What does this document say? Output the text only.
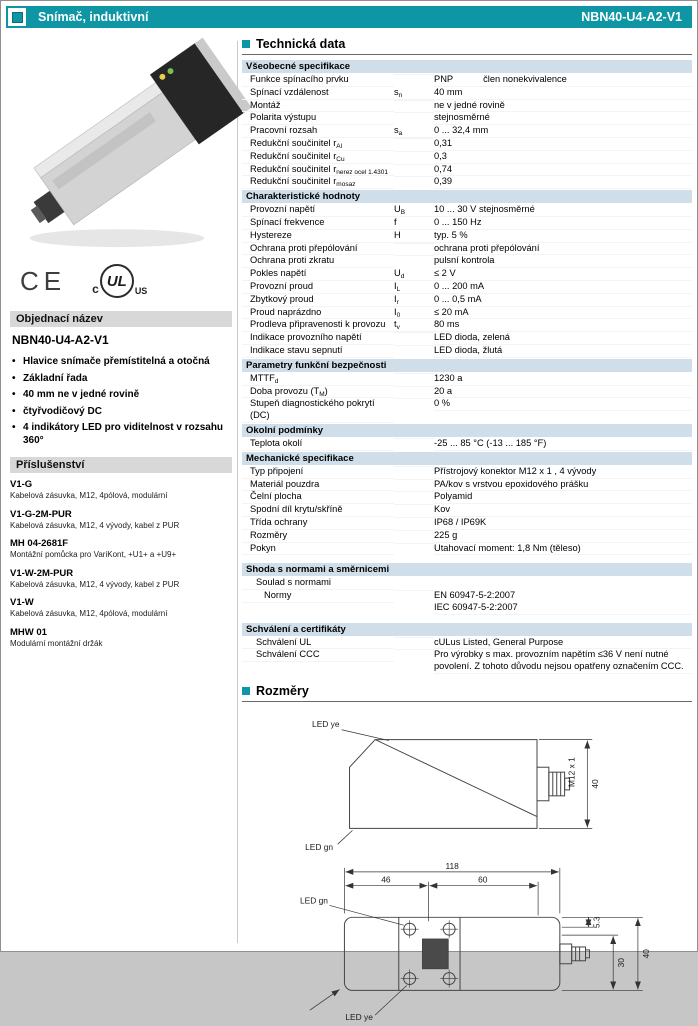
Snímač, induktivní	NBN40-U4-A2-V1
CE c UL
US
Objednací název
NBN40-U4-A2-V1
• Hlavice snímače přemístitelná a otočná
• Základní řada
• 40 mm ne v jedné rovině
• čtyřvodičový DC
• 4 indikátory LED pro viditelnost v rozsahu 360°
Příslušenství
V1-G
Kabelová zásuvka, M12, 4pólová, modulární
V1-G-2M-PUR
Kabelová zásuvka, M12, 4 vývody, kabel z PUR
MH 04-2681F
Montážní pomůcka pro VariKont, +U1+ a +U9+
V1-W-2M-PUR
Kabelová zásuvka, M12, 4 vývody, kabel z PUR
V1-W
Kabelová zásuvka, M12, 4pólová, modulární
MHW 01
Modulární montážní držák
Technická data
Všeobecné specifikace
Funkce spínacího prvku	PNP	člen nonekvivalence
Spínací vzdálenost	$s_n$	40 mm
Montáž	ne v jedné rovině
Polarita výstupu	stejnosměrné
Pracovní rozsah	$s_a$	0 ... 32,4 mm
Redukční součinitel $r_{Al}$	0,31
Redukční součinitel $r_{Cu}$	0,3
Redukční součinitel $r_{nerez ocel 1.4301}$	0,74
Redukční součinitel $r_{mosaz}$	0,39
Charakteristické hodnoty
Provozní napětí	$U_B$	10 ... 30 V stejnosměrné
Spínací frekvence	f	0 ... 150 Hz
Hystereze	H	typ. 5 %
Ochrana proti přepólování	ochrana proti přepólování
Ochrana proti zkratu	pulsní kontrola
Pokles napětí	$U_d$	≤ 2 V
Provozní proud	$I_L$	0 ... 200 mA
Zbytkový proud	$I_r$	0 ... 0,5 mA
Proud naprázdno	$I_0$	≤ 20 mA
Prodleva připravenosti k provozu $t_v$	80 ms
Indikace provozního napětí	LED dioda, zelená
Indikace stavu sepnutí	LED dioda, žlutá
Parametry funkční bezpečnosti
$MTTF_d$	1230 a
Doba provozu $(T_M)$	20 a
Stupeň diagnostického pokrytí (DC)
0 %
Okolní podmínky
Teplota okolí	-25 ... 85 °C (-13 ... 185 °F)
Mechanické specifikace
Typ připojení	Přístrojový konektor M12 x 1 , 4 vývody
Materiál pouzdra	PA/kov s vrstvou epoxidového prášku
Čelní plocha	Polyamid
Spodní díl krytu/skříně	Kov
Třída ochrany	IP68 / IP69K
Rozměry	225 g
Pokyn	Utahovací moment: 1,8 Nm (těleso)
Shoda s normami a směrnicemi
Soulad s normami
Normy	EN 60947-5-2:2007
IEC 60947-5-2:2007
Schválení a certifikáty
Schválení UL	cULus Listed, General Purpose
Schválení CCC	Pro výrobky s max. provozním napětím ≤36 V není nutné povolení. Z tohoto důvodu nejsou opatřeny označením CCC.
Rozměry
LED ye
LED gn
M12 x 1 40
118
46	60
LED gn
LED ye
5.3
30
40
